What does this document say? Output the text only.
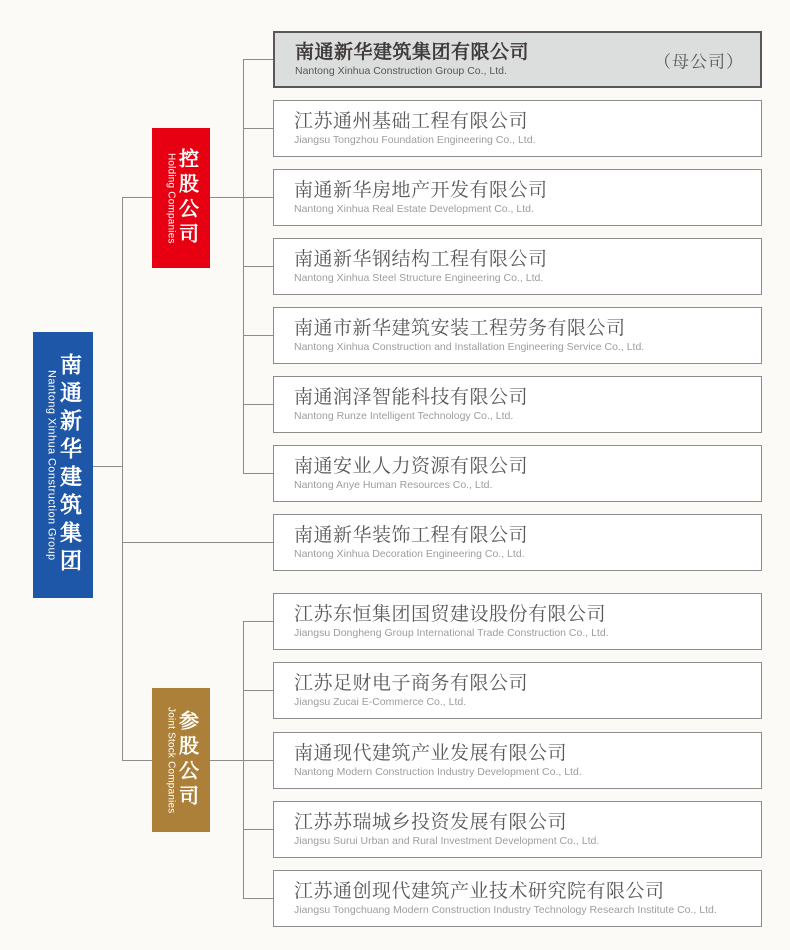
Nantong Xinhua Construction Group 南通新华建筑集团
Holding Companies 控股公司
Joint Stock Companies 参股公司
南通新华建筑集团有限公司
Nantong Xinhua Construction Group Co., Ltd.	（母公司）
江苏通州基础工程有限公司
Jiangsu Tongzhou Foundation Engineering Co., Ltd.
南通新华房地产开发有限公司
Nantong Xinhua Real Estate Development Co., Ltd.
南通新华钢结构工程有限公司
Nantong Xinhua Steel Structure Engineering Co., Ltd.
南通市新华建筑安装工程劳务有限公司
Nantong Xinhua Construction and Installation Engineering Service Co., Ltd.
南通润泽智能科技有限公司
Nantong Runze Intelligent Technology Co., Ltd.
南通安业人力资源有限公司
Nantong Anye Human Resources Co., Ltd.
南通新华装饰工程有限公司
Nantong Xinhua Decoration Engineering Co., Ltd.
江苏东恒集团国贸建设股份有限公司
Jiangsu Dongheng Group International Trade Construction Co., Ltd.
江苏足财电子商务有限公司
Jiangsu Zucai E-Commerce Co., Ltd.
南通现代建筑产业发展有限公司
Nantong Modern Construction Industry Development Co., Ltd.
江苏苏瑞城乡投资发展有限公司
Jiangsu Surui Urban and Rural Investment Development Co., Ltd.
江苏通创现代建筑产业技术研究院有限公司
Jiangsu Tongchuang Modern Construction Industry Technology Research Institute Co., Ltd.
